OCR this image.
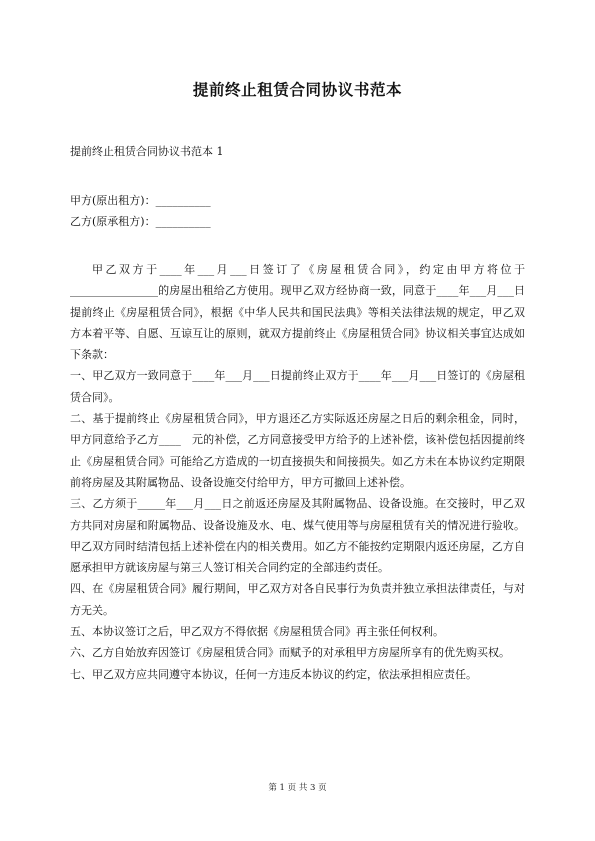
提前终止租赁合同协议书范本
提前终止租赁合同协议书范本 1
甲方(原出租方)：__________
乙方(原承租方)：__________

甲乙双方于____年___月___日签订了《房屋租赁合同》，约定由甲方将位于________________的房屋出租给乙方使用。现甲乙双方经协商一致，同意于____年___月___日提前终止《房屋租赁合同》，根据《中华人民共和国民法典》等相关法律法规的规定，甲乙双方本着平等、自愿、互谅互让的原则，就双方提前终止《房屋租赁合同》协议相关事宜达成如下条款：

一、甲乙双方一致同意于____年___月___日提前终止双方于____年___月___日签订的《房屋租赁合同》。

二、基于提前终止《房屋租赁合同》，甲方退还乙方实际返还房屋之日后的剩余租金，同时，甲方同意给予乙方____　元的补偿，乙方同意接受甲方给予的上述补偿，该补偿包括因提前终止《房屋租赁合同》可能给乙方造成的一切直接损失和间接损失。如乙方未在本协议约定期限前将房屋及其附属物品、设备设施交付给甲方，甲方可撤回上述补偿。

三、乙方须于_____年___月___日之前返还房屋及其附属物品、设备设施。在交接时，甲乙双方共同对房屋和附属物品、设备设施及水、电、煤气使用等与房屋租赁有关的情况进行验收。甲乙双方同时结清包括上述补偿在内的相关费用。如乙方不能按约定期限内返还房屋，乙方自愿承担甲方就该房屋与第三人签订相关合同约定的全部违约责任。

四、在《房屋租赁合同》履行期间，甲乙双方对各自民事行为负责并独立承担法律责任，与对方无关。

五、本协议签订之后，甲乙双方不得依据《房屋租赁合同》再主张任何权利。

六、乙方自始放弃因签订《房屋租赁合同》而赋予的对承租甲方房屋所享有的优先购买权。

七、甲乙双方应共同遵守本协议，任何一方违反本协议的约定，依法承担相应责任。

第 1 页 共 3 页
